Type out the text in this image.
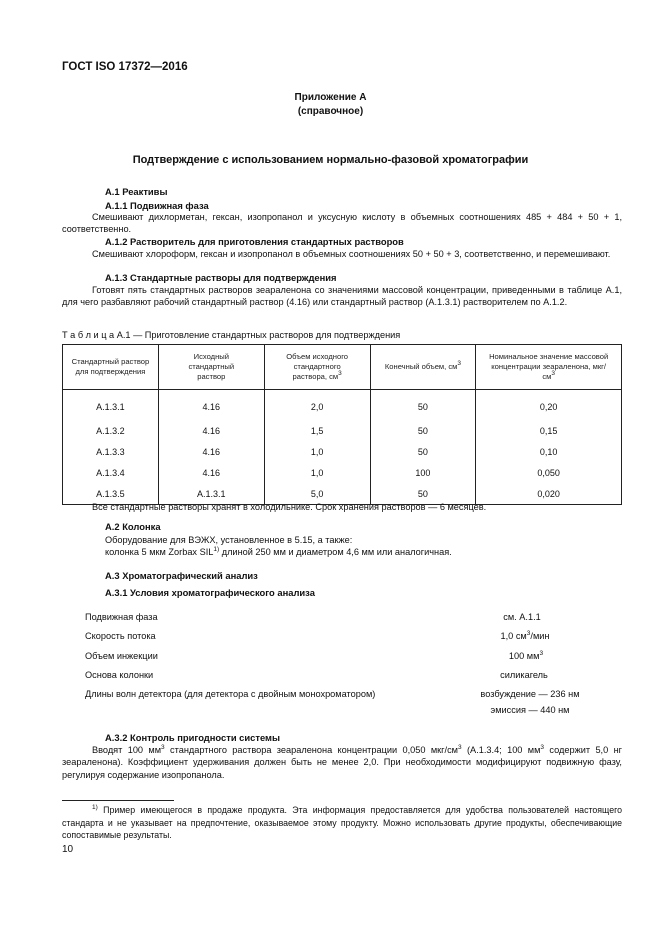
ГОСТ ISO 17372—2016
Приложение А
(справочное)
Подтверждение с использованием нормально-фазовой хроматографии
А.1 Реактивы
А.1.1 Подвижная фаза
Смешивают дихлорметан, гексан, изопропанол и уксусную кислоту в объемных соотношениях 485 + 484 + 50 + 1, соответственно.
А.1.2 Растворитель для приготовления стандартных растворов
Смешивают хлороформ, гексан и изопропанол в объемных соотношениях 50 + 50 + 3, соответственно, и перемешивают.
А.1.3 Стандартные растворы для подтверждения
Готовят пять стандартных растворов зеараленона со значениями массовой концентрации, приведенными в таблице А.1, для чего разбавляют рабочий стандартный раствор (4.16) или стандартный раствор (А.1.3.1) растворителем по А.1.2.
Т а б л и ц а А.1 — Приготовление стандартных растворов для подтверждения
Стандартный раствор для подтверждения	Исходный стандартный раствор	Объем исходного стандартного раствора, $см^3$	Конечный объем, $см^3$	Номинальное значение массовой концентрации зеараленона, мкг/$см^3$
А.1.3.1	4.16	2,0	50	0,20
А.1.3.2	4.16	1,5	50	0,15
А.1.3.3	4.16	1,0	50	0,10
А.1.3.4	4.16	1,0	100	0,050
А.1.3.5	А.1.3.1	5,0	50	0,020
Все стандартные растворы хранят в холодильнике. Срок хранения растворов — 6 месяцев.
А.2 Колонка
Оборудование для ВЭЖХ, установленное в 5.15, а также:
колонка 5 мкм Zorbax SIL$^{1)}$ длиной 250 мм и диаметром 4,6 мм или аналогичная.
А.3 Хроматографический анализ
А.3.1 Условия хроматографического анализа
Подвижная фаза	см. А.1.1
Скорость потока	1,0 $см^3$/мин
Объем инжекции	100 $мм^3$
Основа колонки	силикагель
Длины волн детектора (для детектора с двойным монохроматором)	возбуждение — 236 нм
эмиссия — 440 нм
А.3.2 Контроль пригодности системы
Вводят 100 $мм^3$ стандартного раствора зеараленона концентрации 0,050 мкг/$см^3$ (А.1.3.4; 100 $мм^3$ содержит 5,0 нг зеараленона). Коэффициент удерживания должен быть не менее 2,0. При необходимости модифицируют подвижную фазу, регулируя содержание изопропанола.
$^{1)}$ Пример имеющегося в продаже продукта. Эта информация предоставляется для удобства пользователей настоящего стандарта и не указывает на предпочтение, оказываемое этому продукту. Можно использовать другие продукты, обеспечивающие сопоставимые результаты.
10
